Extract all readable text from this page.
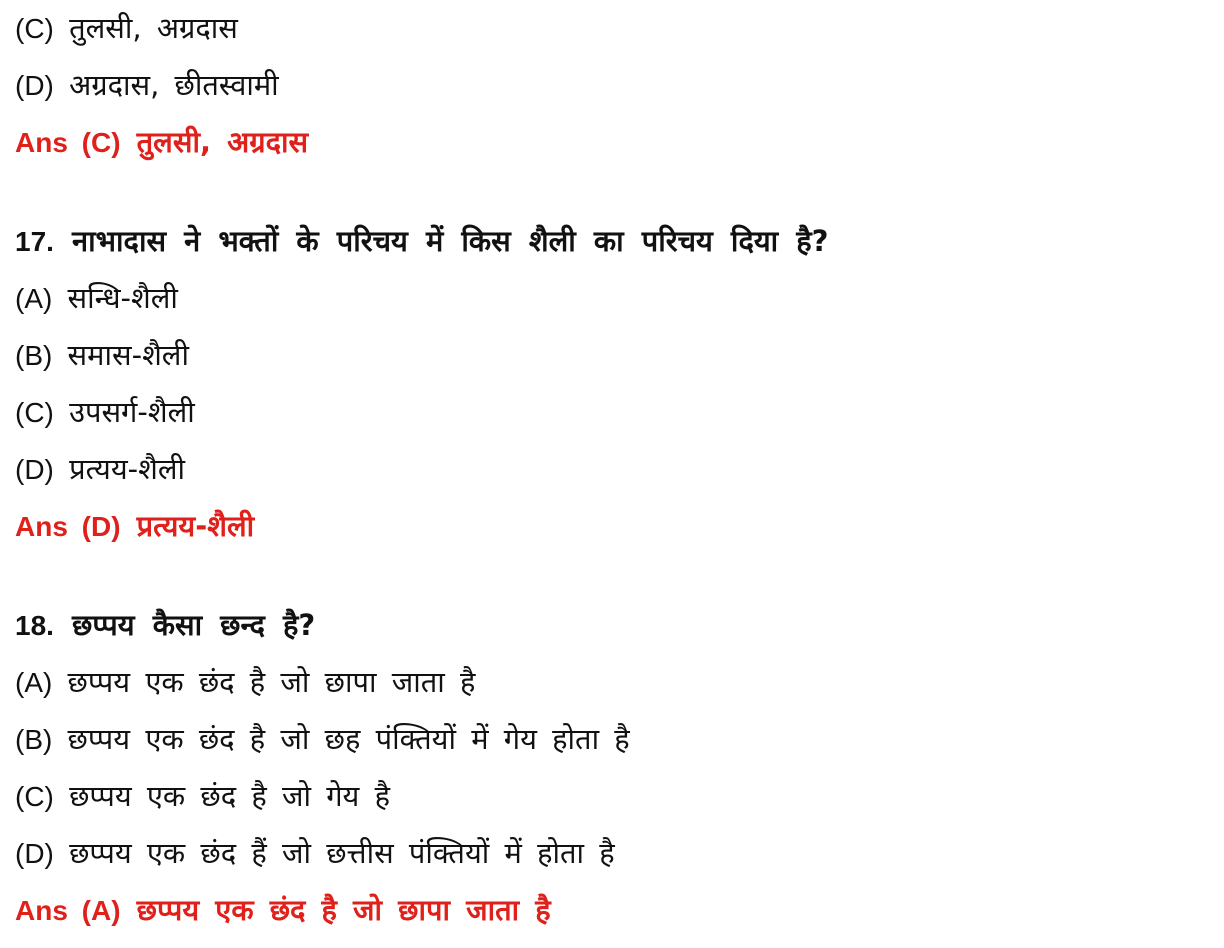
(C) तुलसी, अग्रदास
(D) अग्रदास, छीतस्वामी
Ans (C) तुलसी, अग्रदास
17. नाभादास ने भक्तों के परिचय में किस शैली का परिचय दिया है?
(A) सन्धि-शैली
(B) समास-शैली
(C) उपसर्ग-शैली
(D) प्रत्यय-शैली
Ans (D) प्रत्यय-शैली
18. छप्पय कैसा छन्द है?
(A) छप्पय एक छंद है जो छापा जाता है
(B) छप्पय एक छंद है जो छह पंक्तियों में गेय होता है
(C) छप्पय एक छंद है जो गेय है
(D) छप्पय एक छंद हैं जो छत्तीस पंक्तियों में होता है
Ans (A) छप्पय एक छंद है जो छापा जाता है
